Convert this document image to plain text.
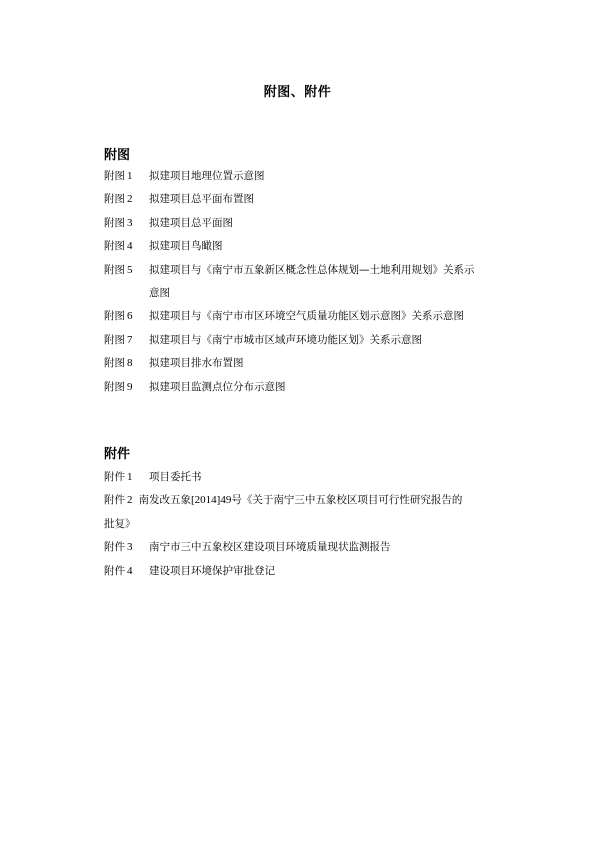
附图、附件
附图
附图 1	拟建项目地理位置示意图
附图 2	拟建项目总平面布置图
附图 3	拟建项目总平面图
附图 4	拟建项目鸟瞰图
附图 5	拟建项目与《南宁市五象新区概念性总体规划—土地利用规划》关系示
意图
附图 6	拟建项目与《南宁市市区环境空气质量功能区划示意图》关系示意图
附图 7	拟建项目与《南宁市城市区域声环境功能区划》关系示意图
附图 8	拟建项目排水布置图
附图 9	拟建项目监测点位分布示意图
附件
附件 1	项目委托书
附件 2 南发改五象[2014]49号《关于南宁三中五象校区项目可行性研究报告的
批复》
附件 3	南宁市三中五象校区建设项目环境质量现状监测报告
附件 4	建设项目环境保护审批登记
